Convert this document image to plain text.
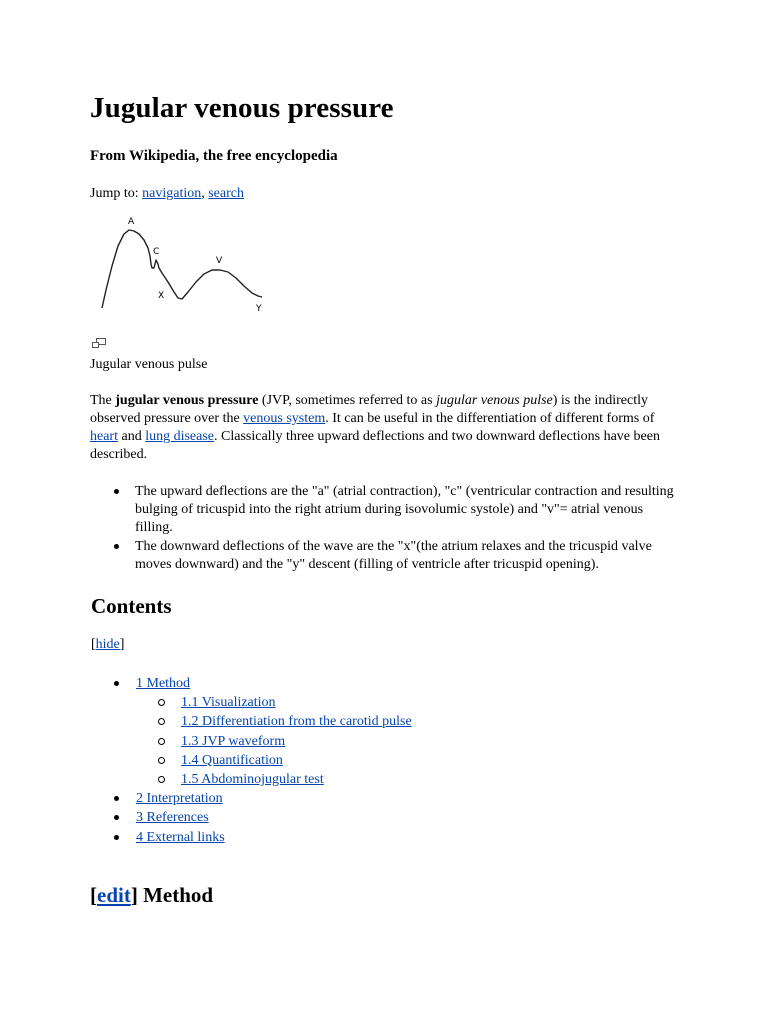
Jugular venous pressure
From Wikipedia, the free encyclopedia
Jump to: navigation, search
A
C
V
X
Y
Jugular venous pulse

The jugular venous pressure (JVP, sometimes referred to as jugular venous pulse) is the indirectly observed pressure over the venous system. It can be useful in the differentiation of different forms of heart and lung disease. Classically three upward deflections and two downward deflections have been described.

The upward deflections are the "a" (atrial contraction), "c" (ventricular contraction and resulting bulging of tricuspid into the right atrium during isovolumic systole) and "v"= atrial venous filling.
The downward deflections of the wave are the "x"(the atrium relaxes and the tricuspid valve moves downward) and the "y" descent (filling of ventricle after tricuspid opening).
Contents
[hide]
1 Method
1.1 Visualization
1.2 Differentiation from the carotid pulse
1.3 JVP waveform
1.4 Quantification
1.5 Abdominojugular test
2 Interpretation
3 References
4 External links
[edit] Method
